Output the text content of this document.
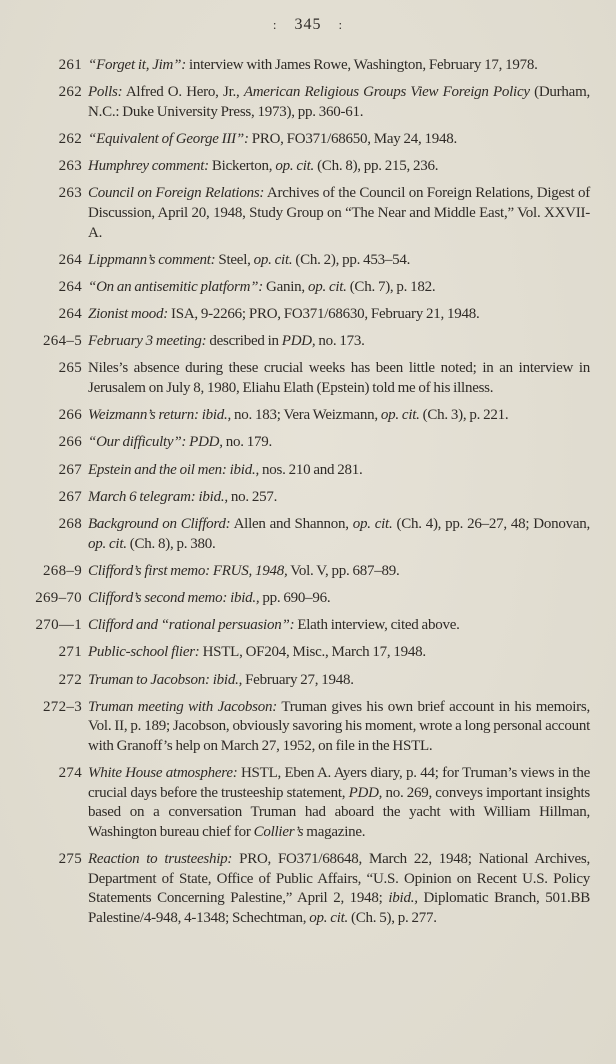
: 345 :
261 “Forget it, Jim”: interview with James Rowe, Washington, February 17, 1978.
262 Polls: Alfred O. Hero, Jr., American Religious Groups View Foreign Policy (Durham, N.C.: Duke University Press, 1973), pp. 360-61.
262 “Equivalent of George III”: PRO, FO371/68650, May 24, 1948.
263 Humphrey comment: Bickerton, op. cit. (Ch. 8), pp. 215, 236.
263 Council on Foreign Relations: Archives of the Council on Foreign Relations, Digest of Discussion, April 20, 1948, Study Group on “The Near and Middle East,” Vol. XXVII-A.
264 Lippmann’s comment: Steel, op. cit. (Ch. 2), pp. 453–54.
264 “On an antisemitic platform”: Ganin, op. cit. (Ch. 7), p. 182.
264 Zionist mood: ISA, 9-2266; PRO, FO371/68630, February 21, 1948.
264–5 February 3 meeting: described in PDD, no. 173.
265 Niles’s absence during these crucial weeks has been little noted; in an interview in Jerusalem on July 8, 1980, Eliahu Elath (Epstein) told me of his illness.
266 Weizmann’s return: ibid., no. 183; Vera Weizmann, op. cit. (Ch. 3), p. 221.
266 “Our difficulty”: PDD, no. 179.
267 Epstein and the oil men: ibid., nos. 210 and 281.
267 March 6 telegram: ibid., no. 257.
268 Background on Clifford: Allen and Shannon, op. cit. (Ch. 4), pp. 26–27, 48; Donovan, op. cit. (Ch. 8), p. 380.
268–9 Clifford’s first memo: FRUS, 1948, Vol. V, pp. 687–89.
269–70 Clifford’s second memo: ibid., pp. 690–96.
270—1 Clifford and “rational persuasion”: Elath interview, cited above.
271 Public-school flier: HSTL, OF204, Misc., March 17, 1948.
272 Truman to Jacobson: ibid., February 27, 1948.
272–3 Truman meeting with Jacobson: Truman gives his own brief account in his memoirs, Vol. II, p. 189; Jacobson, obviously savoring his moment, wrote a long personal account with Granoff’s help on March 27, 1952, on file in the HSTL.
274 White House atmosphere: HSTL, Eben A. Ayers diary, p. 44; for Truman’s views in the crucial days before the trusteeship statement, PDD, no. 269, conveys important insights based on a conversation Truman had aboard the yacht with William Hillman, Washington bureau chief for Collier’s magazine.
275 Reaction to trusteeship: PRO, FO371/68648, March 22, 1948; National Archives, Department of State, Office of Public Affairs, “U.S. Opinion on Recent U.S. Policy Statements Concerning Palestine,” April 2, 1948; ibid., Diplomatic Branch, 501.BB Palestine/4-948, 4-1348; Schechtman, op. cit. (Ch. 5), p. 277.
